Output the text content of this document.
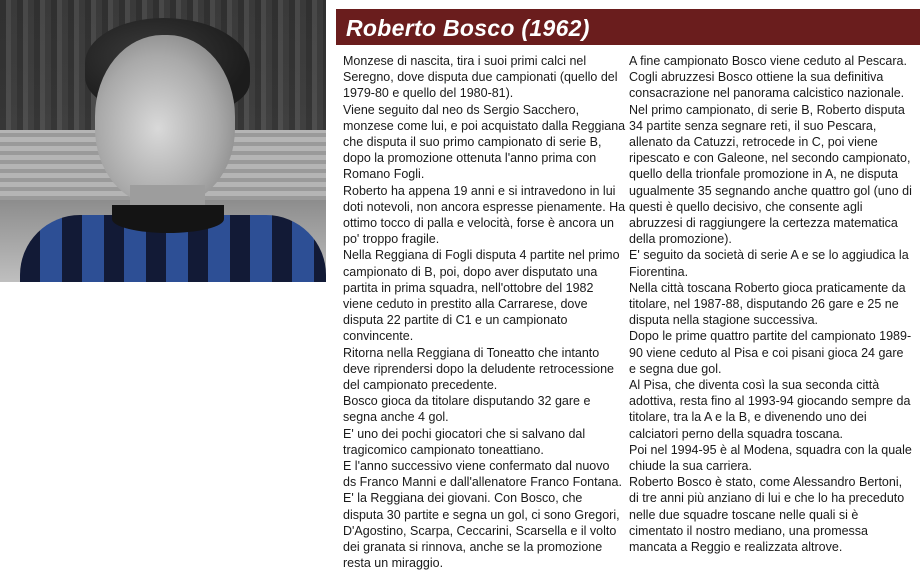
Roberto Bosco (1962)

Monzese di nascita, tira i suoi primi calci nel Seregno, dove disputa due campionati (quello del 1979-80 e quello del 1980-81).

Viene seguito dal neo ds Sergio Sacchero, monzese come lui, e poi acquistato dalla Reggiana che disputa il suo primo campionato di serie B, dopo la promozione ottenuta l'anno prima con Romano Fogli.

Roberto ha appena 19 anni e si intravedono in lui doti notevoli, non ancora espresse pienamente. Ha ottimo tocco di palla e velocità, forse è ancora un po' troppo fragile.

Nella Reggiana di Fogli disputa 4 partite nel primo campionato di B, poi, dopo aver disputato una partita in prima squadra, nell'ottobre del 1982 viene ceduto in prestito alla Carrarese, dove disputa 22 partite di C1 e un campionato convincente.

Ritorna nella Reggiana di Toneatto che intanto deve riprendersi dopo la deludente retrocessione del campionato precedente.

Bosco gioca da titolare disputando 32 gare e segna anche 4 gol.

E' uno dei pochi giocatori che si salvano dal tragicomico campionato toneattiano.

E l'anno successivo viene confermato dal nuovo ds Franco Manni e dall'allenatore Franco Fontana.

E' la Reggiana dei giovani. Con Bosco, che disputa 30 partite e segna un gol, ci sono Gregori, D'Agostino, Scarpa, Ceccarini, Scarsella e il volto dei granata si rinnova, anche se la promozione resta un miraggio.

A fine campionato Bosco viene ceduto al Pescara. Cogli abruzzesi Bosco ottiene la sua definitiva consacrazione nel panorama calcistico nazionale.

Nel primo campionato, di serie B, Roberto disputa 34 partite senza segnare reti, il suo Pescara, allenato da Catuzzi, retrocede in C, poi viene ripescato e con Galeone, nel secondo campionato, quello della trionfale promozione in A, ne disputa ugualmente 35 segnando anche quattro gol (uno di questi è quello decisivo, che consente agli abruzzesi di raggiungere la certezza matematica della promozione).

E' seguito da società di serie A e se lo aggiudica la Fiorentina.

Nella città toscana Roberto gioca praticamente da titolare, nel 1987-88, disputando 26 gare e 25 ne disputa nella stagione successiva.

Dopo le prime quattro partite del campionato 1989-90 viene ceduto al Pisa e coi pisani gioca 24 gare e segna due gol.

Al Pisa, che diventa così la sua seconda città adottiva, resta fino al 1993-94 giocando sempre da titolare, tra la A e la B, e divenendo uno dei calciatori perno della squadra toscana.

Poi nel 1994-95 è al Modena, squadra con la quale chiude la sua carriera.

Roberto Bosco è stato, come Alessandro Bertoni, di tre anni più anziano di lui e che lo ha preceduto nelle due squadre toscane nelle quali si è cimentato il nostro mediano, una promessa mancata a Reggio e realizzata altrove.
